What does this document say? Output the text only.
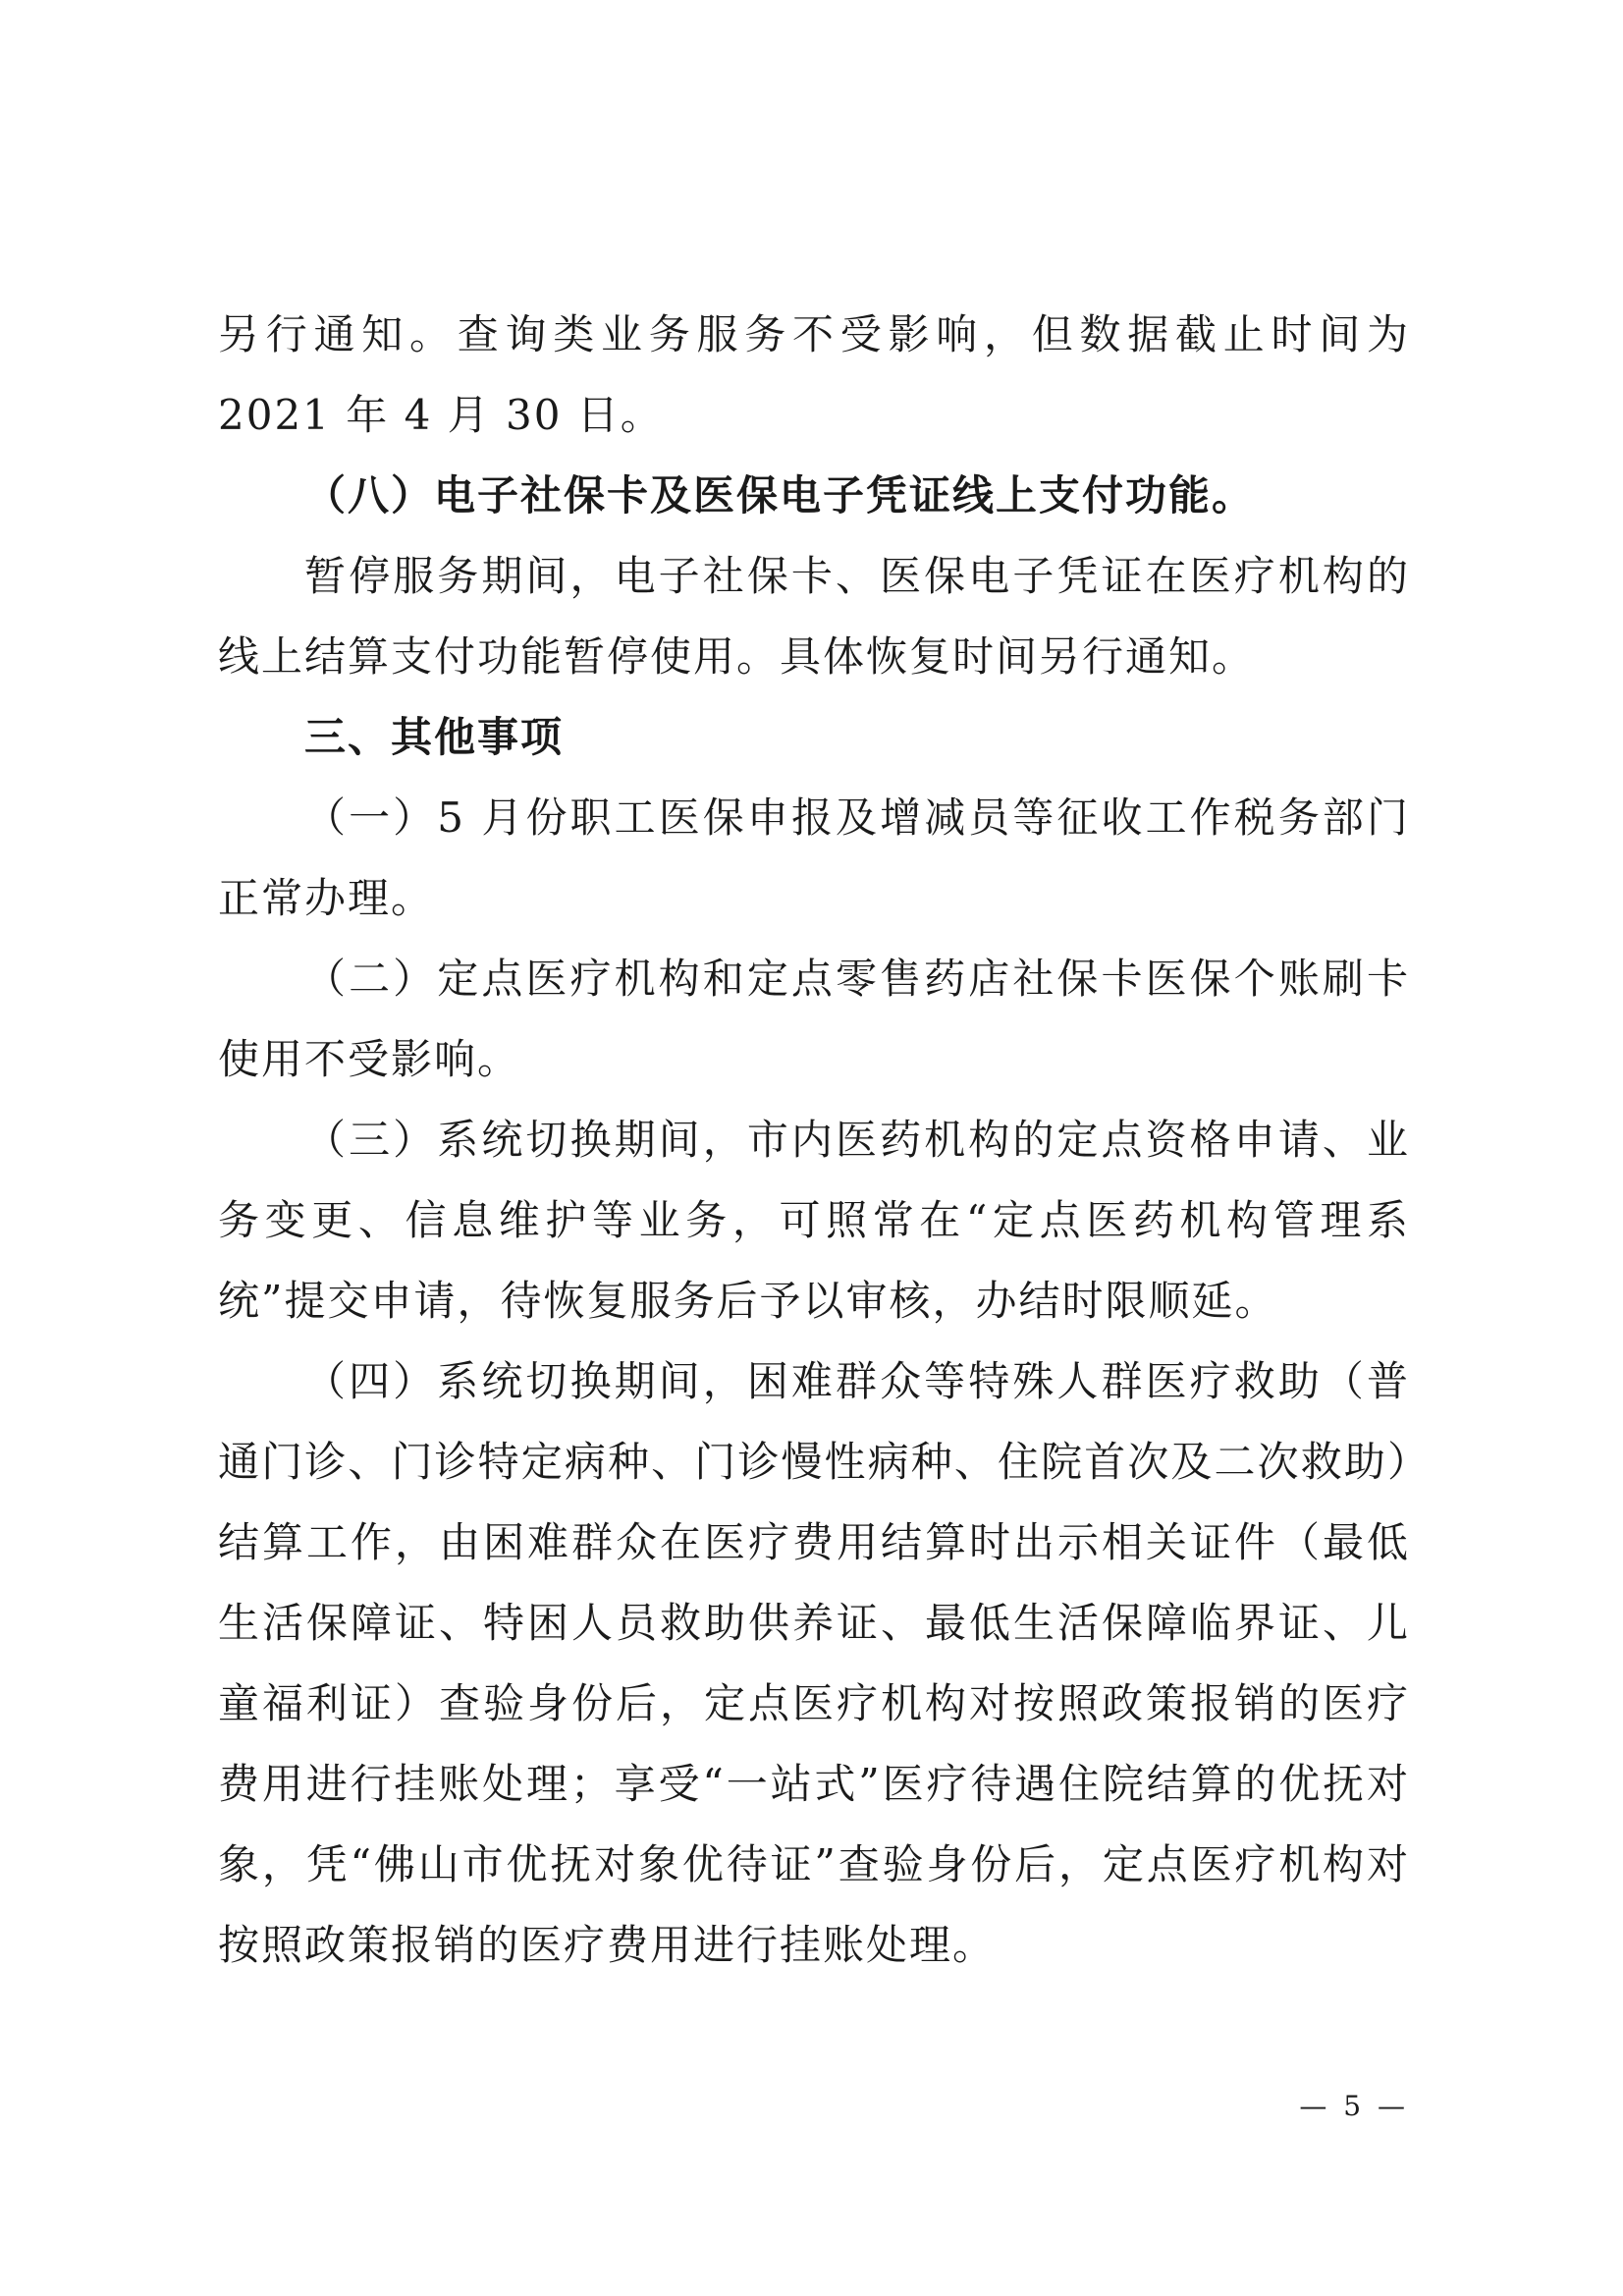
另行通知。查询类业务服务不受影响，但数据截止时间为 2021 年 4 月 30 日。

（八）电子社保卡及医保电子凭证线上支付功能。

暂停服务期间，电子社保卡、医保电子凭证在医疗机构的线上结算支付功能暂停使用。具体恢复时间另行通知。

三、其他事项

（一）5 月份职工医保申报及增减员等征收工作税务部门正常办理。

（二）定点医疗机构和定点零售药店社保卡医保个账刷卡使用不受影响。

（三）系统切换期间，市内医药机构的定点资格申请、业务变更、信息维护等业务，可照常在“定点医药机构管理系统”提交申请，待恢复服务后予以审核，办结时限顺延。

（四）系统切换期间，困难群众等特殊人群医疗救助（普通门诊、门诊特定病种、门诊慢性病种、住院首次及二次救助）结算工作，由困难群众在医疗费用结算时出示相关证件（最低生活保障证、特困人员救助供养证、最低生活保障临界证、儿童福利证）查验身份后，定点医疗机构对按照政策报销的医疗费用进行挂账处理；享受“一站式”医疗待遇住院结算的优抚对象，凭“佛山市优抚对象优待证”查验身份后，定点医疗机构对按照政策报销的医疗费用进行挂账处理。

— 5 —
